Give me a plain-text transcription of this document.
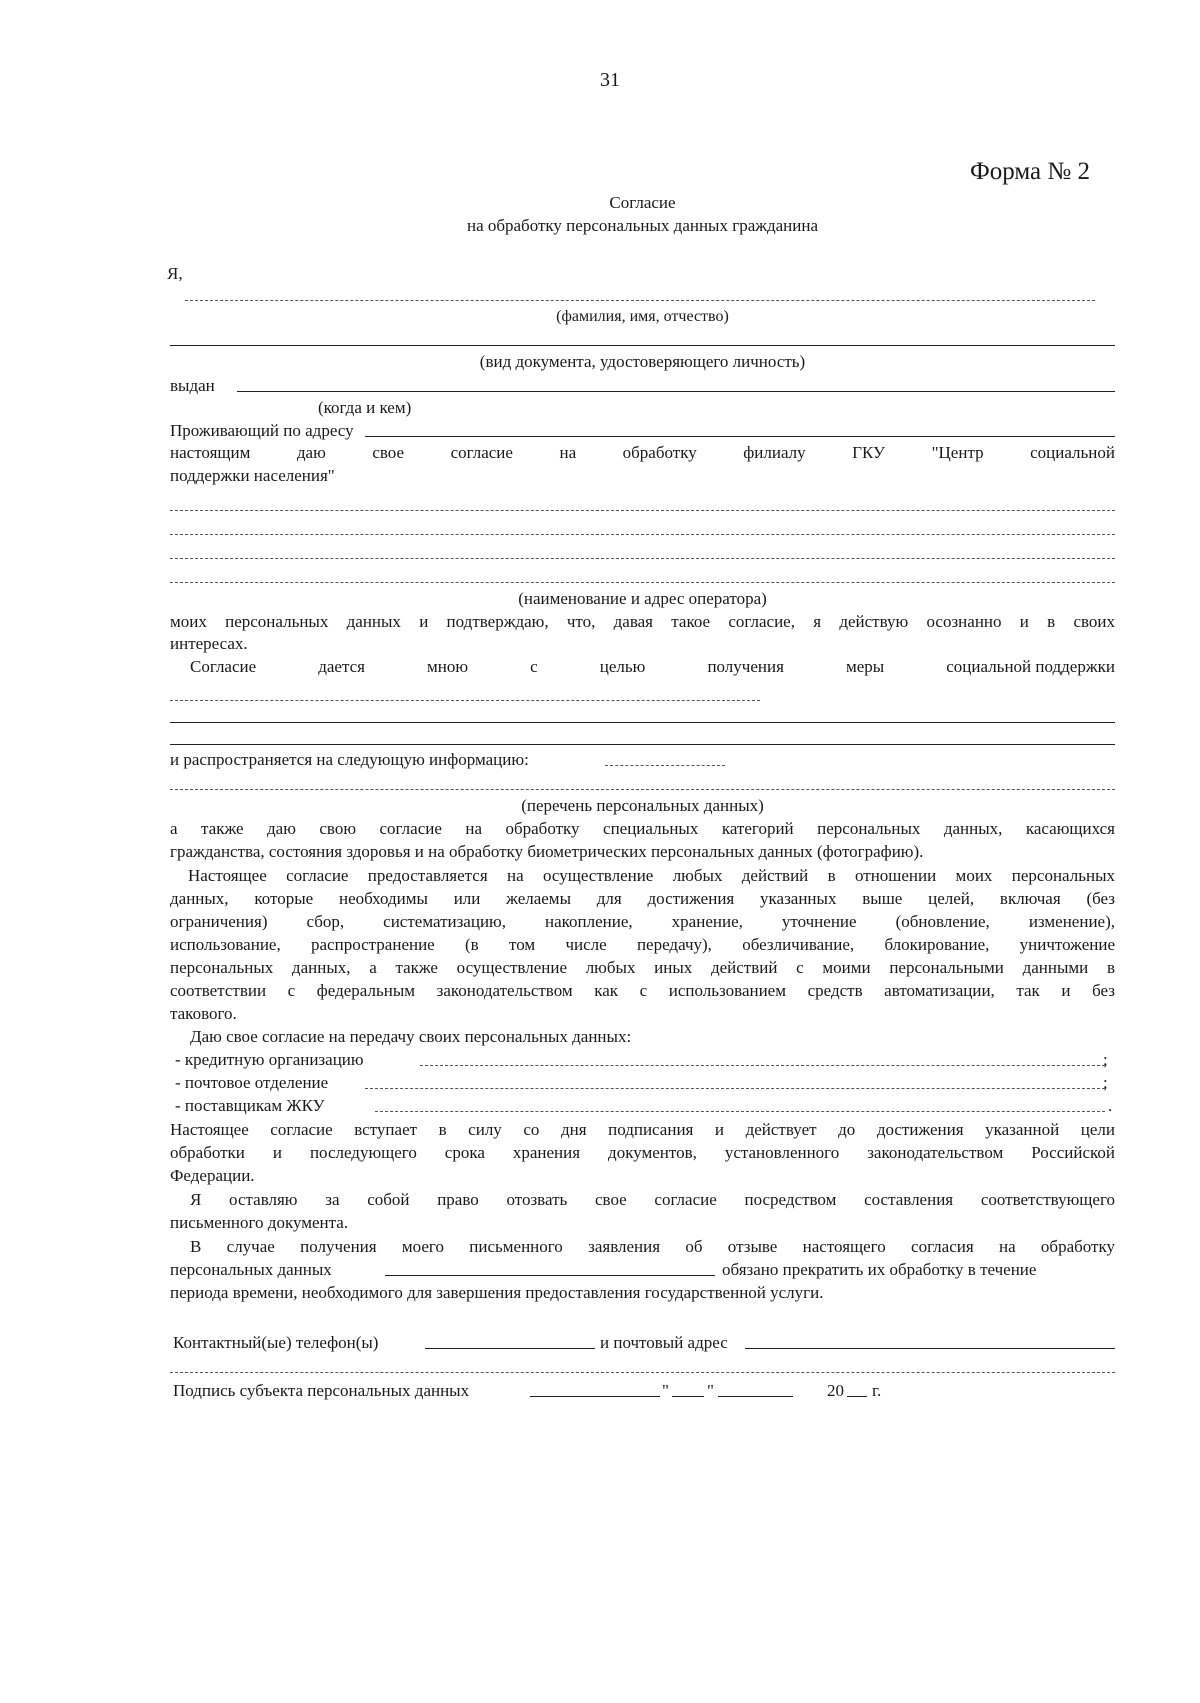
31
Форма № 2
Согласие
на обработку персональных данных гражданина
Я,
(фамилия, имя, отчество)
(вид документа, удостоверяющего личность)
выдан
(когда и кем)
Проживающий по адресу
настоящим	даю	свое	согласие	на	обработку	филиалу	ГКУ	"Центр	социальной
поддержки населения"
(наименование и адрес оператора)
моих персональных данных и подтверждаю, что, давая такое согласие, я действую осознанно и в своих
интересах.
Согласие	дается	мною	с	целью	получения	меры	социальной поддержки
и распространяется на следующую информацию:
(перечень персональных данных)
а также даю свою согласие на обработку специальных категорий персональных данных, касающихся
гражданства, состояния здоровья и на обработку биометрических персональных данных (фотографию).
Настоящее согласие предоставляется на осуществление любых действий в отношении моих персональных
данных, которые необходимы или желаемы для достижения указанных выше целей, включая (без
ограничения) сбор, систематизацию, накопление, хранение, уточнение (обновление, изменение),
использование, распространение (в том числе передачу), обезличивание, блокирование, уничтожение
персональных данных, а также осуществление любых иных действий с моими персональными данными в
соответствии с федеральным законодательством как с использованием средств автоматизации, так и без
такового.
Даю свое согласие на передачу своих персональных данных:
- кредитную организацию	;
- почтовое отделение	;
- поставщикам ЖКУ	.
Настоящее согласие вступает в силу со дня подписания и действует до достижения указанной цели
обработки и последующего срока хранения документов, установленного законодательством Российской
Федерации.
Я оставляю за собой право отозвать свое согласие посредством составления соответствующего
письменного документа.
В случае получения моего письменного заявления об отзыве настоящего согласия на обработку
персональных данных	обязано прекратить их обработку в течение
периода времени, необходимого для завершения предоставления государственной услуги.
Контактный(ые) телефон(ы)	и почтовый адрес
Подпись субъекта персональных данных	" "	20 г.
